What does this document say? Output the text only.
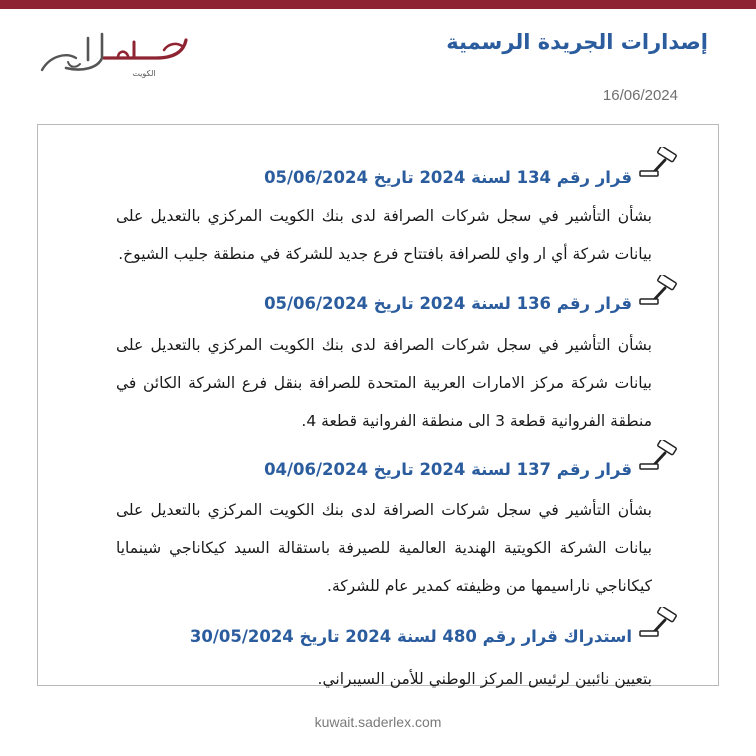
الكويت
إصدارات الجريدة الرسمية
16/06/2024
قرار رقم 134 لسنة 2024 تاريخ 05/06/2024
بشأن التأشير في سجل شركات الصرافة لدى بنك الكويت المركزي بالتعديل على بيانات شركة أي ار واي للصرافة بافتتاح فرع جديد للشركة في منطقة جليب الشيوخ.
قرار رقم 136 لسنة 2024 تاريخ 05/06/2024
بشأن التأشير في سجل شركات الصرافة لدى بنك الكويت المركزي بالتعديل على بيانات شركة مركز الامارات العربية المتحدة للصرافة بنقل فرع الشركة الكائن في منطقة الفروانية قطعة 3 الى منطقة الفروانية قطعة 4.
قرار رقم 137 لسنة 2024 تاريخ 04/06/2024
بشأن التأشير في سجل شركات الصرافة لدى بنك الكويت المركزي بالتعديل على بيانات الشركة الكويتية الهندية العالمية للصيرفة باستقالة السيد كيكاناجي شينمايا كيكاناجي ناراسيمها من وظيفته كمدير عام للشركة.
استدراك قرار رقم 480 لسنة 2024 تاريخ 30/05/2024
بتعيين نائبين لرئيس المركز الوطني للأمن السيبراني.
kuwait.saderlex.com
